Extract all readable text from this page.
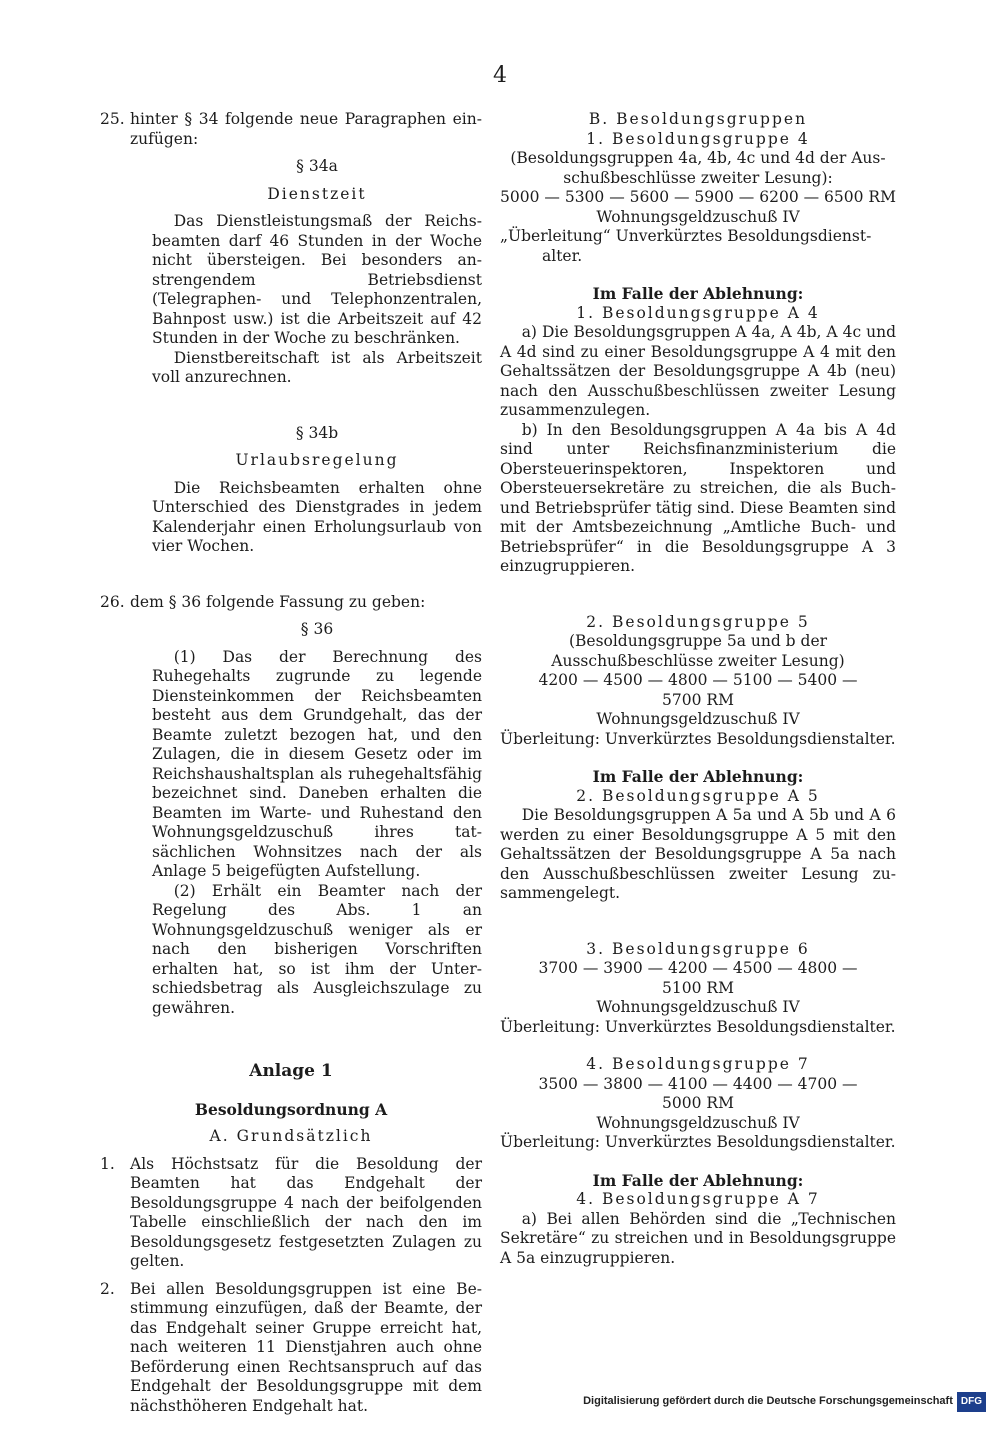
4
25. hinter § 34 folgende neue Paragraphen einzufügen:

§ 34a

Dienstzeit

Das Dienstleistungsmaß der Reichsbeamten darf 46 Stunden in der Woche nicht übersteigen. Bei besonders anstrengendem Betriebsdienst (Telegraphen- und Telephonzentralen, Bahnpost usw.) ist die Arbeitszeit auf 42 Stunden in der Woche zu beschränken.

Dienstbereitschaft ist als Arbeitszeit voll anzurechnen.

§ 34b

Urlaubsregelung

Die Reichsbeamten erhalten ohne Unterschied des Dienstgrades in jedem Kalenderjahr einen Erholungsurlaub von vier Wochen.

26. dem § 36 folgende Fassung zu geben:

§ 36

(1) Das der Berechnung des Ruhegehalts zugrunde zu legende Diensteinkommen der Reichsbeamten besteht aus dem Grundgehalt, das der Beamte zuletzt bezogen hat, und den Zulagen, die in diesem Gesetz oder im Reichshaushaltsplan als ruhegehaltsfähig bezeichnet sind. Daneben erhalten die Beamten im Warte- und Ruhestand den Wohnungsgeldzuschuß ihres tatsächlichen Wohnsitzes nach der als Anlage 5 beigefügten Aufstellung.

(2) Erhält ein Beamter nach der Regelung des Abs. 1 an Wohnungsgeldzuschuß weniger als er nach den bisherigen Vorschriften erhalten hat, so ist ihm der Unterschiedsbetrag als Ausgleichszulage zu gewähren.

Anlage 1

Besoldungsordnung A

A. Grundsätzlich

1. Als Höchstsatz für die Besoldung der Beamten hat das Endgehalt der Besoldungsgruppe 4 nach der beifolgenden Tabelle einschließlich der nach den im Besoldungsgesetz festgesetzten Zulagen zu gelten.
2. Bei allen Besoldungsgruppen ist eine Bestimmung einzufügen, daß der Beamte, der das Endgehalt seiner Gruppe erreicht hat, nach weiteren 11 Dienstjahren auch ohne Beförderung einen Rechtsanspruch auf das Endgehalt der Besoldungsgruppe mit dem nächsthöheren Endgehalt hat.

B. Besoldungsgruppen

1. Besoldungsgruppe 4

(Besoldungsgruppen 4a, 4b, 4c und 4d der Ausschußbeschlüsse zweiter Lesung):

5000 — 5300 — 5600 — 5900 — 6200 — 6500 RM

Wohnungsgeldzuschuß IV

„Überleitung“ Unverkürztes Besoldungsdienstalter.

Im Falle der Ablehnung:

1. Besoldungsgruppe A 4

a) Die Besoldungsgruppen A 4a, A 4b, A 4c und A 4d sind zu einer Besoldungsgruppe A 4 mit den Gehaltssätzen der Besoldungsgruppe A 4b (neu) nach den Ausschußbeschlüssen zweiter Lesung zusammenzulegen.

b) In den Besoldungsgruppen A 4a bis A 4d sind unter Reichsfinanzministerium die Obersteuerinspektoren, Inspektoren und Obersteuersekretäre zu streichen, die als Buch- und Betriebsprüfer tätig sind. Diese Beamten sind mit der Amtsbezeichnung „Amtliche Buch- und Betriebsprüfer“ in die Besoldungsgruppe A 3 einzugruppieren.

2. Besoldungsgruppe 5

(Besoldungsgruppe 5a und b der Ausschußbeschlüsse zweiter Lesung)

4200 — 4500 — 4800 — 5100 — 5400 — 5700 RM

Wohnungsgeldzuschuß IV

Überleitung: Unverkürztes Besoldungsdienstalter.

Im Falle der Ablehnung:

2. Besoldungsgruppe A 5

Die Besoldungsgruppen A 5a und A 5b und A 6 werden zu einer Besoldungsgruppe A 5 mit den Gehaltssätzen der Besoldungsgruppe A 5a nach den Ausschußbeschlüssen zweiter Lesung zusammengelegt.

3. Besoldungsgruppe 6

3700 — 3900 — 4200 — 4500 — 4800 — 5100 RM

Wohnungsgeldzuschuß IV

Überleitung: Unverkürztes Besoldungsdienstalter.

4. Besoldungsgruppe 7

3500 — 3800 — 4100 — 4400 — 4700 — 5000 RM

Wohnungsgeldzuschuß IV

Überleitung: Unverkürztes Besoldungsdienstalter.

Im Falle der Ablehnung:

4. Besoldungsgruppe A 7

a) Bei allen Behörden sind die „Technischen Sekretäre“ zu streichen und in Besoldungsgruppe A 5a einzugruppieren.

Digitalisierung gefördert durch die Deutsche Forschungsgemeinschaft DFG
